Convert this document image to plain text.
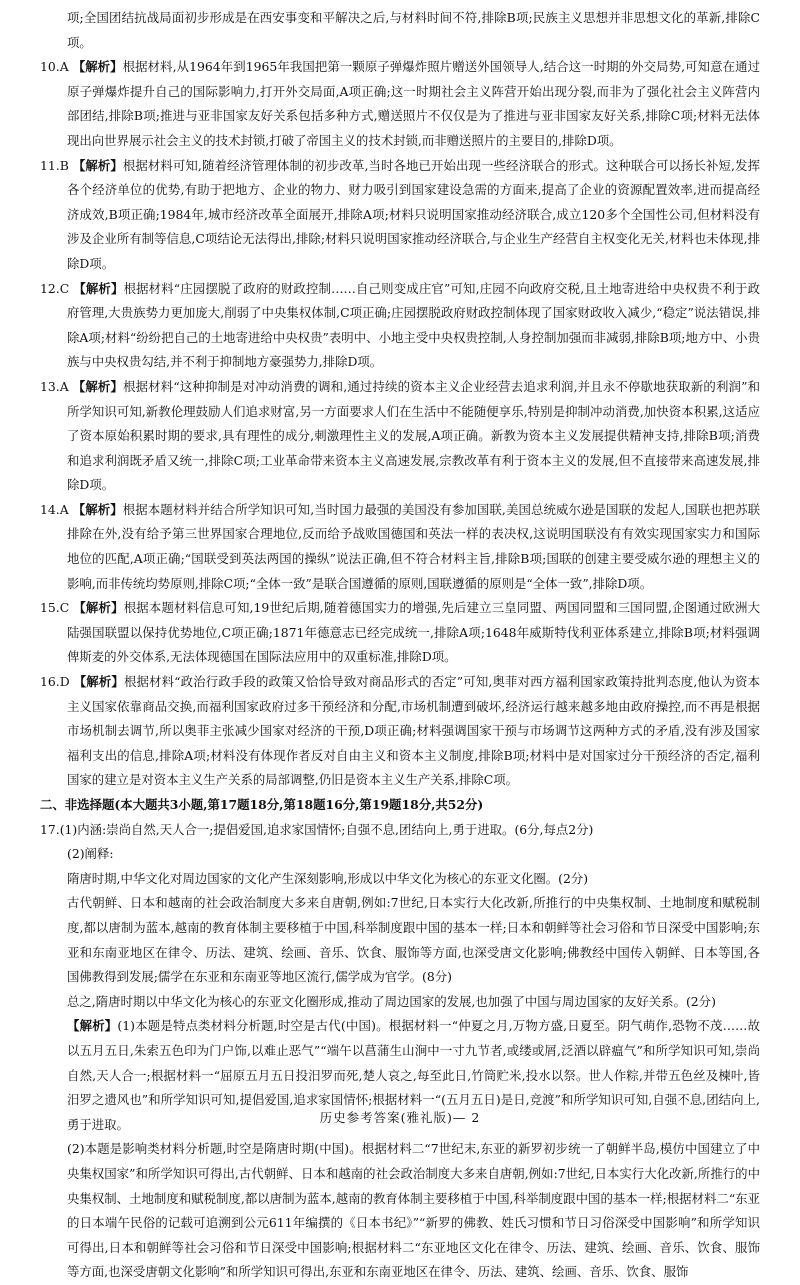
项;全国团结抗战局面初步形成是在西安事变和平解决之后,与材料时间不符,排除B项;民族主义思想并非思想文化的革新,排除C项。

10.A 【解析】根据材料,从1964年到1965年我国把第一颗原子弹爆炸照片赠送外国领导人,结合这一时期的外交局势,可知意在通过原子弹爆炸提升自己的国际影响力,打开外交局面,A项正确;这一时期社会主义阵营开始出现分裂,而非为了强化社会主义阵营内部团结,排除B项;推进与亚非国家友好关系包括多种方式,赠送照片不仅仅是为了推进与亚非国家友好关系,排除C项;材料无法体现出向世界展示社会主义的技术封锁,打破了帝国主义的技术封锁,而非赠送照片的主要目的,排除D项。

11.B 【解析】根据材料可知,随着经济管理体制的初步改革,当时各地已开始出现一些经济联合的形式。这种联合可以扬长补短,发挥各个经济单位的优势,有助于把地方、企业的物力、财力吸引到国家建设急需的方面来,提高了企业的资源配置效率,进而提高经济成效,B项正确;1984年,城市经济改革全面展开,排除A项;材料只说明国家推动经济联合,成立120多个全国性公司,但材料没有涉及企业所有制等信息,C项结论无法得出,排除;材料只说明国家推动经济联合,与企业生产经营自主权变化无关,材料也未体现,排除D项。

12.C 【解析】根据材料“庄园摆脱了政府的财政控制……自己则变成庄官”可知,庄园不向政府交税,且土地寄进给中央权贵不利于政府管理,大贵族势力更加庞大,削弱了中央集权体制,C项正确;庄园摆脱政府财政控制体现了国家财政收入减少,“稳定”说法错误,排除A项;材料“纷纷把自己的土地寄进给中央权贵”表明中、小地主受中央权贵控制,人身控制加强而非减弱,排除B项;地方中、小贵族与中央权贵勾结,并不利于抑制地方豪强势力,排除D项。

13.A 【解析】根据材料“这种抑制是对冲动消费的调和,通过持续的资本主义企业经营去追求利润,并且永不停歇地获取新的利润”和所学知识可知,新教伦理鼓励人们追求财富,另一方面要求人们在生活中不能随便享乐,特别是抑制冲动消费,加快资本积累,这适应了资本原始积累时期的要求,具有理性的成分,刺激理性主义的发展,A项正确。新教为资本主义发展提供精神支持,排除B项;消费和追求利润既矛盾又统一,排除C项;工业革命带来资本主义高速发展,宗教改革有利于资本主义的发展,但不直接带来高速发展,排除D项。

14.A 【解析】根据本题材料并结合所学知识可知,当时国力最强的美国没有参加国联,美国总统威尔逊是国联的发起人,国联也把苏联排除在外,没有给予第三世界国家合理地位,反而给予战败国德国和英法一样的表决权,这说明国联没有有效实现国家实力和国际地位的匹配,A项正确;“国联受到英法两国的操纵”说法正确,但不符合材料主旨,排除B项;国联的创建主要受威尔逊的理想主义的影响,而非传统均势原则,排除C项;“全体一致”是联合国遵循的原则,国联遵循的原则是“全体一致”,排除D项。

15.C 【解析】根据本题材料信息可知,19世纪后期,随着德国实力的增强,先后建立三皇同盟、两国同盟和三国同盟,企图通过欧洲大陆强国联盟以保持优势地位,C项正确;1871年德意志已经完成统一,排除A项;1648年威斯特伐利亚体系建立,排除B项;材料强调俾斯麦的外交体系,无法体现德国在国际法应用中的双重标准,排除D项。

16.D 【解析】根据材料“政治行政手段的政策又恰恰导致对商品形式的否定”可知,奥菲对西方福利国家政策持批判态度,他认为资本主义国家依靠商品交换,而福利国家政府过多干预经济和分配,市场机制遭到破坏,经济运行越来越多地由政府操控,而不再是根据市场机制去调节,所以奥菲主张减少国家对经济的干预,D项正确;材料强调国家干预与市场调节这两种方式的矛盾,没有涉及国家福利支出的信息,排除A项;材料没有体现作者反对自由主义和资本主义制度,排除B项;材料中是对国家过分干预经济的否定,福利国家的建立是对资本主义生产关系的局部调整,仍旧是资本主义生产关系,排除C项。

二、非选择题(本大题共3小题,第17题18分,第18题16分,第19题18分,共52分)

17.(1)内涵:崇尚自然,天人合一;提倡爱国,追求家国情怀;自强不息,团结向上,勇于进取。(6分,每点2分)

(2)阐释:

隋唐时期,中华文化对周边国家的文化产生深刻影响,形成以中华文化为核心的东亚文化圈。(2分)

古代朝鲜、日本和越南的社会政治制度大多来自唐朝,例如:7世纪,日本实行大化改新,所推行的中央集权制、土地制度和赋税制度,都以唐制为蓝本,越南的教育体制主要移植于中国,科举制度跟中国的基本一样;日本和朝鲜等社会习俗和节日深受中国影响;东亚和东南亚地区在律令、历法、建筑、绘画、音乐、饮食、服饰等方面,也深受唐文化影响;佛教经中国传入朝鲜、日本等国,各国佛教得到发展;儒学在东亚和东南亚等地区流行,儒学成为官学。(8分)

总之,隋唐时期以中华文化为核心的东亚文化圈形成,推动了周边国家的发展,也加强了中国与周边国家的友好关系。(2分)

【解析】(1)本题是特点类材料分析题,时空是古代(中国)。根据材料一“仲夏之月,万物方盛,日夏至。阴气萌作,恐物不茂……故以五月五日,朱索五色印为门户饰,以难止恶气”“端午以菖蒲生山涧中一寸九节者,或缕或屑,泛酒以辟瘟气”和所学知识可知,崇尚自然,天人合一;根据材料一“屈原五月五日投汨罗而死,楚人哀之,每至此日,竹筒贮米,投水以祭。世人作粽,并带五色丝及楝叶,皆汨罗之遗风也”和所学知识可知,提倡爱国,追求家国情怀;根据材料一“(五月五日)是日,竞渡”和所学知识可知,自强不息,团结向上,勇于进取。

(2)本题是影响类材料分析题,时空是隋唐时期(中国)。根据材料二“7世纪末,东亚的新罗初步统一了朝鲜半岛,模仿中国建立了中央集权国家”和所学知识可得出,古代朝鲜、日本和越南的社会政治制度大多来自唐朝,例如:7世纪,日本实行大化改新,所推行的中央集权制、土地制度和赋税制度,都以唐制为蓝本,越南的教育体制主要移植于中国,科举制度跟中国的基本一样;根据材料二“东亚的日本端午民俗的记载可追溯到公元611年编撰的《日本书纪》”“新罗的佛教、姓氏习惯和节日习俗深受中国影响”和所学知识可得出,日本和朝鲜等社会习俗和节日深受中国影响;根据材料二“东亚地区文化在律令、历法、建筑、绘画、音乐、饮食、服饰等方面,也深受唐朝文化影响”和所学知识可得出,东亚和东南亚地区在律令、历法、建筑、绘画、音乐、饮食、服饰

历史参考答案(雅礼版)— 2
